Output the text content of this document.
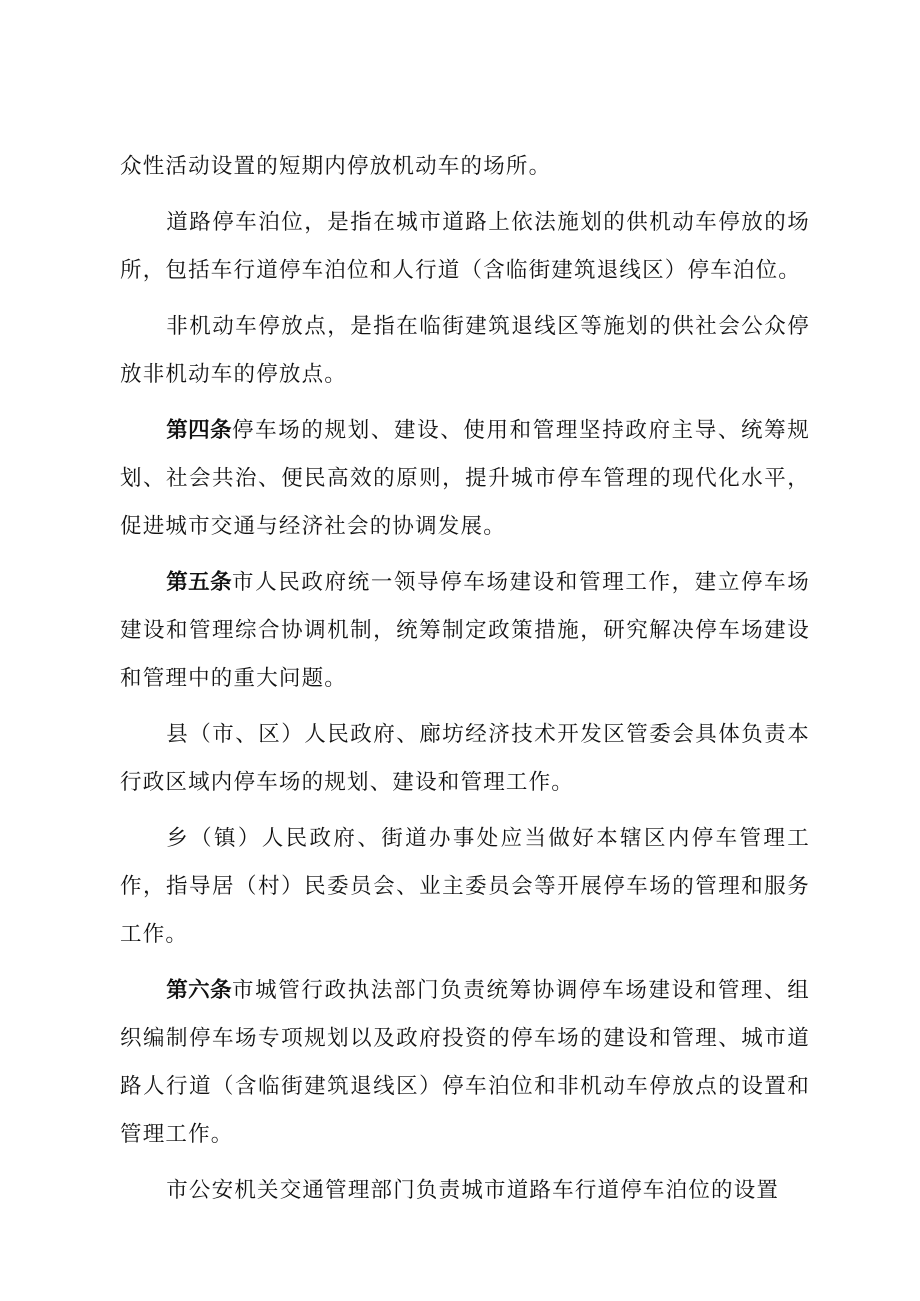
众性活动设置的短期内停放机动车的场所。

道路停车泊位，是指在城市道路上依法施划的供机动车停放的场所，包括车行道停车泊位和人行道（含临街建筑退线区）停车泊位。

非机动车停放点，是指在临街建筑退线区等施划的供社会公众停放非机动车的停放点。

第四条停车场的规划、建设、使用和管理坚持政府主导、统筹规划、社会共治、便民高效的原则，提升城市停车管理的现代化水平，促进城市交通与经济社会的协调发展。

第五条市人民政府统一领导停车场建设和管理工作，建立停车场建设和管理综合协调机制，统筹制定政策措施，研究解决停车场建设和管理中的重大问题。

县（市、区）人民政府、廊坊经济技术开发区管委会具体负责本行政区域内停车场的规划、建设和管理工作。

乡（镇）人民政府、街道办事处应当做好本辖区内停车管理工作，指导居（村）民委员会、业主委员会等开展停车场的管理和服务工作。

第六条市城管行政执法部门负责统筹协调停车场建设和管理、组织编制停车场专项规划以及政府投资的停车场的建设和管理、城市道路人行道（含临街建筑退线区）停车泊位和非机动车停放点的设置和管理工作。

市公安机关交通管理部门负责城市道路车行道停车泊位的设置
